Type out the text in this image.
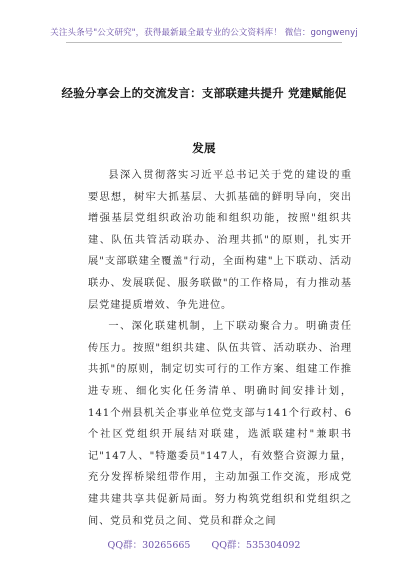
关注头条号"公文研究"，获得最新最全最专业的公文资料库！ 微信：gongwenyj
经验分享会上的交流发言：支部联建共提升 党建赋能促发展

县深入贯彻落实习近平总书记关于党的建设的重要思想，树牢大抓基层、大抓基础的鲜明导向，突出增强基层党组织政治功能和组织功能，按照"组织共建、队伍共管活动联办、治理共抓"的原则，扎实开展"支部联建全覆盖"行动，全面构建"上下联动、活动联办、发展联促、服务联做"的工作格局，有力推动基层党建提质增效、争先进位。

一、深化联建机制，上下联动聚合力。明确责任传压力。按照"组织共建、队伍共管、活动联办、治理共抓"的原则，制定切实可行的工作方案、组建工作推进专班、细化实化任务清单、明确时间安排计划，141个州县机关企事业单位党支部与141个行政村、6个社区党组织开展结对联建，选派联建村"兼职书记"147人、"特邀委员"147人，有效整合资源力量，充分发挥桥梁纽带作用，主动加强工作交流，形成党建共建共享共促新局面。努力构筑党组织和党组织之间、党员和党员之间、党员和群众之间

QQ群：30265665 QQ群：535304092
